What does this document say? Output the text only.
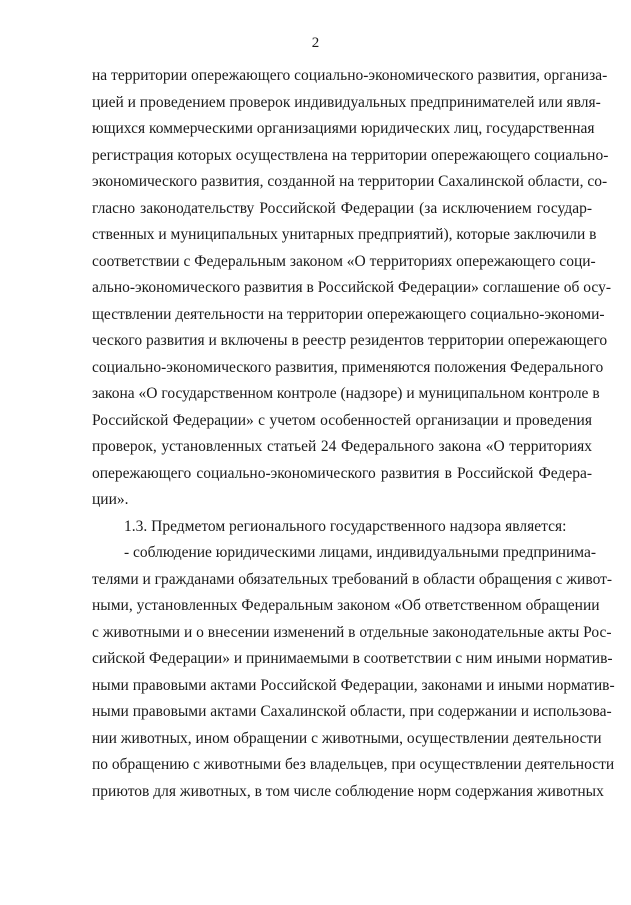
2
на территории опережающего социально-экономического развития, организа-
цией и проведением проверок индивидуальных предпринимателей или явля-
ющихся коммерческими организациями юридических лиц, государственная
регистрация которых осуществлена на территории опережающего социально-
экономического развития, созданной на территории Сахалинской области, со-
гласно законодательству Российской Федерации (за исключением государ-
ственных и муниципальных унитарных предприятий), которые заключили в
соответствии с Федеральным законом «О территориях опережающего соци-
ально-экономического развития в Российской Федерации» соглашение об осу-
ществлении деятельности на территории опережающего социально-экономи-
ческого развития и включены в реестр резидентов территории опережающего
социально-экономического развития, применяются положения Федерального
закона «О государственном контроле (надзоре) и муниципальном контроле в
Российской Федерации» с учетом особенностей организации и проведения
проверок, установленных статьей 24 Федерального закона «О территориях
опережающего социально-экономического развития в Российской Федера-
ции».
1.3. Предметом регионального государственного надзора является:
- соблюдение юридическими лицами, индивидуальными предпринима-
телями и гражданами обязательных требований в области обращения с живот-
ными, установленных Федеральным законом «Об ответственном обращении
с животными и о внесении изменений в отдельные законодательные акты Рос-
сийской Федерации» и принимаемыми в соответствии с ним иными норматив-
ными правовыми актами Российской Федерации, законами и иными норматив-
ными правовыми актами Сахалинской области, при содержании и использова-
нии животных, ином обращении с животными, осуществлении деятельности
по обращению с животными без владельцев, при осуществлении деятельности
приютов для животных, в том числе соблюдение норм содержания животных
